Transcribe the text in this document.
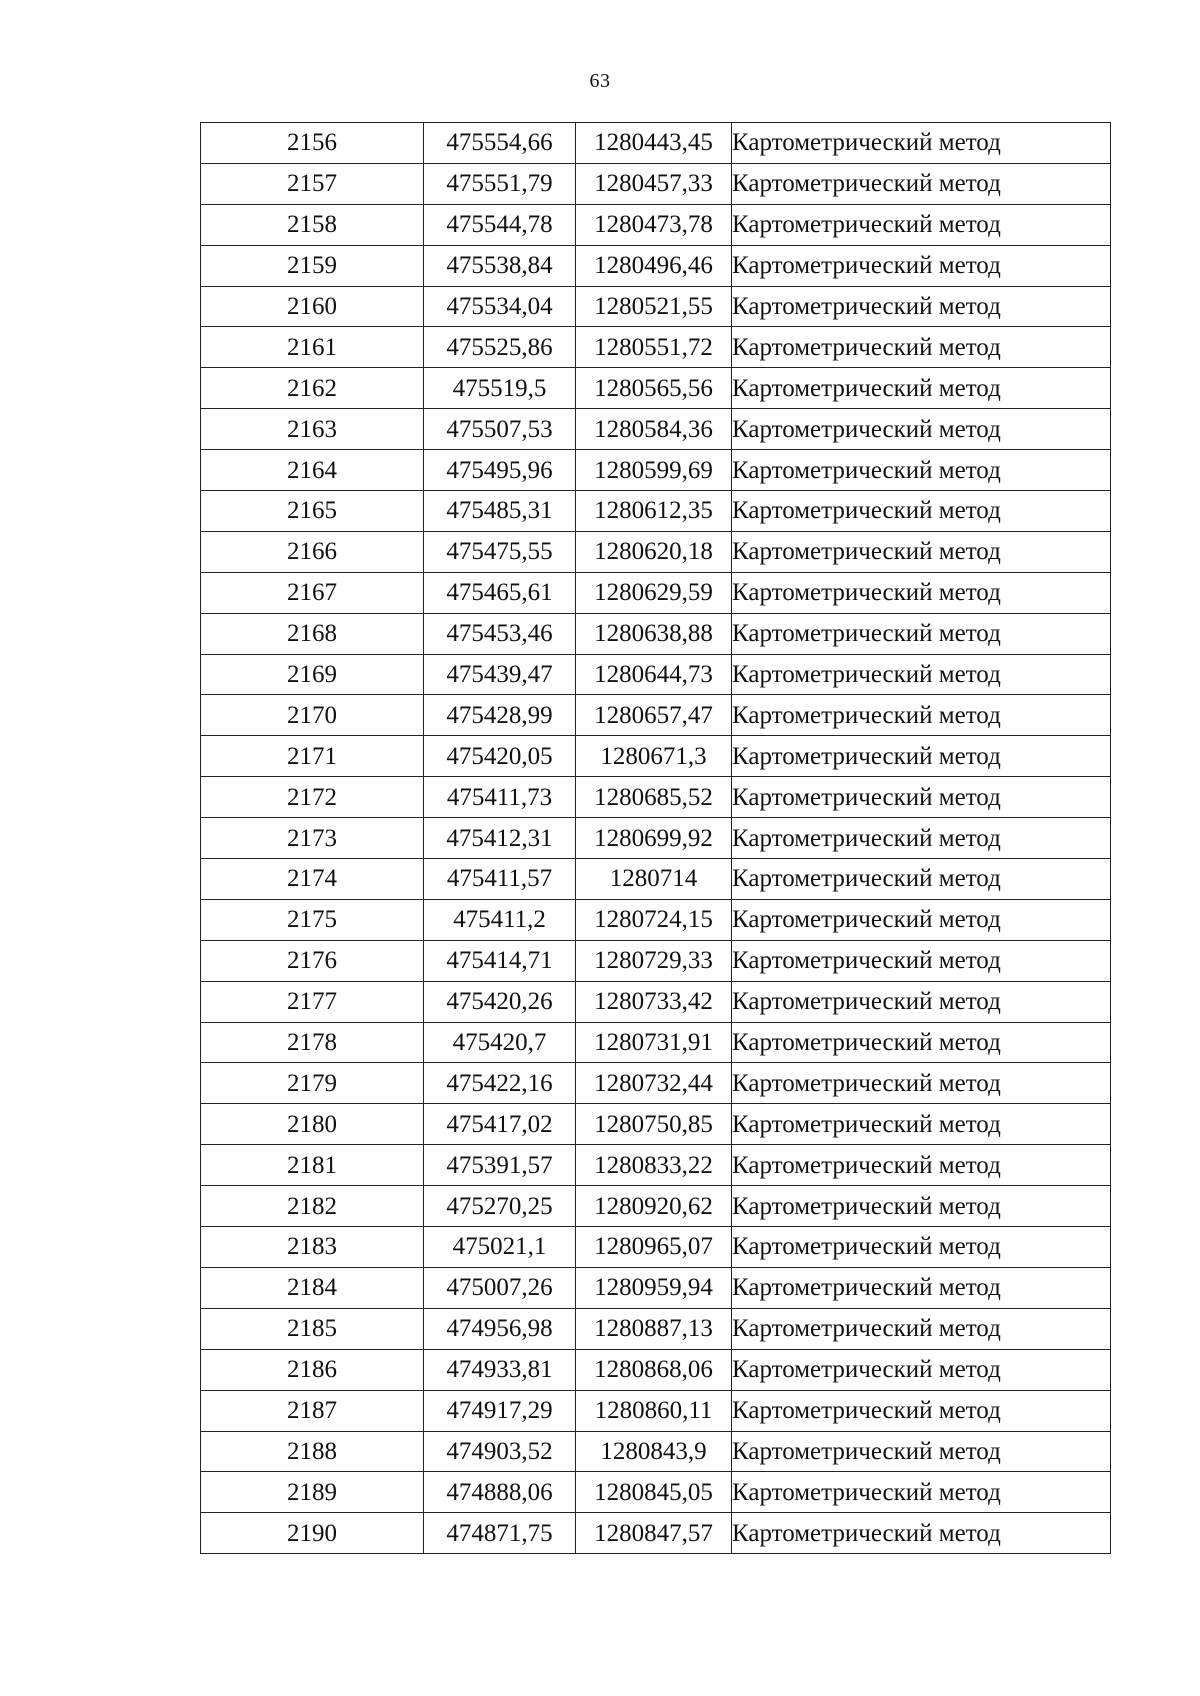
63
2156	475554,66	1280443,45	Картометрический метод
2157	475551,79	1280457,33	Картометрический метод
2158	475544,78	1280473,78	Картометрический метод
2159	475538,84	1280496,46	Картометрический метод
2160	475534,04	1280521,55	Картометрический метод
2161	475525,86	1280551,72	Картометрический метод
2162	475519,5	1280565,56	Картометрический метод
2163	475507,53	1280584,36	Картометрический метод
2164	475495,96	1280599,69	Картометрический метод
2165	475485,31	1280612,35	Картометрический метод
2166	475475,55	1280620,18	Картометрический метод
2167	475465,61	1280629,59	Картометрический метод
2168	475453,46	1280638,88	Картометрический метод
2169	475439,47	1280644,73	Картометрический метод
2170	475428,99	1280657,47	Картометрический метод
2171	475420,05	1280671,3	Картометрический метод
2172	475411,73	1280685,52	Картометрический метод
2173	475412,31	1280699,92	Картометрический метод
2174	475411,57	1280714	Картометрический метод
2175	475411,2	1280724,15	Картометрический метод
2176	475414,71	1280729,33	Картометрический метод
2177	475420,26	1280733,42	Картометрический метод
2178	475420,7	1280731,91	Картометрический метод
2179	475422,16	1280732,44	Картометрический метод
2180	475417,02	1280750,85	Картометрический метод
2181	475391,57	1280833,22	Картометрический метод
2182	475270,25	1280920,62	Картометрический метод
2183	475021,1	1280965,07	Картометрический метод
2184	475007,26	1280959,94	Картометрический метод
2185	474956,98	1280887,13	Картометрический метод
2186	474933,81	1280868,06	Картометрический метод
2187	474917,29	1280860,11	Картометрический метод
2188	474903,52	1280843,9	Картометрический метод
2189	474888,06	1280845,05	Картометрический метод
2190	474871,75	1280847,57	Картометрический метод
